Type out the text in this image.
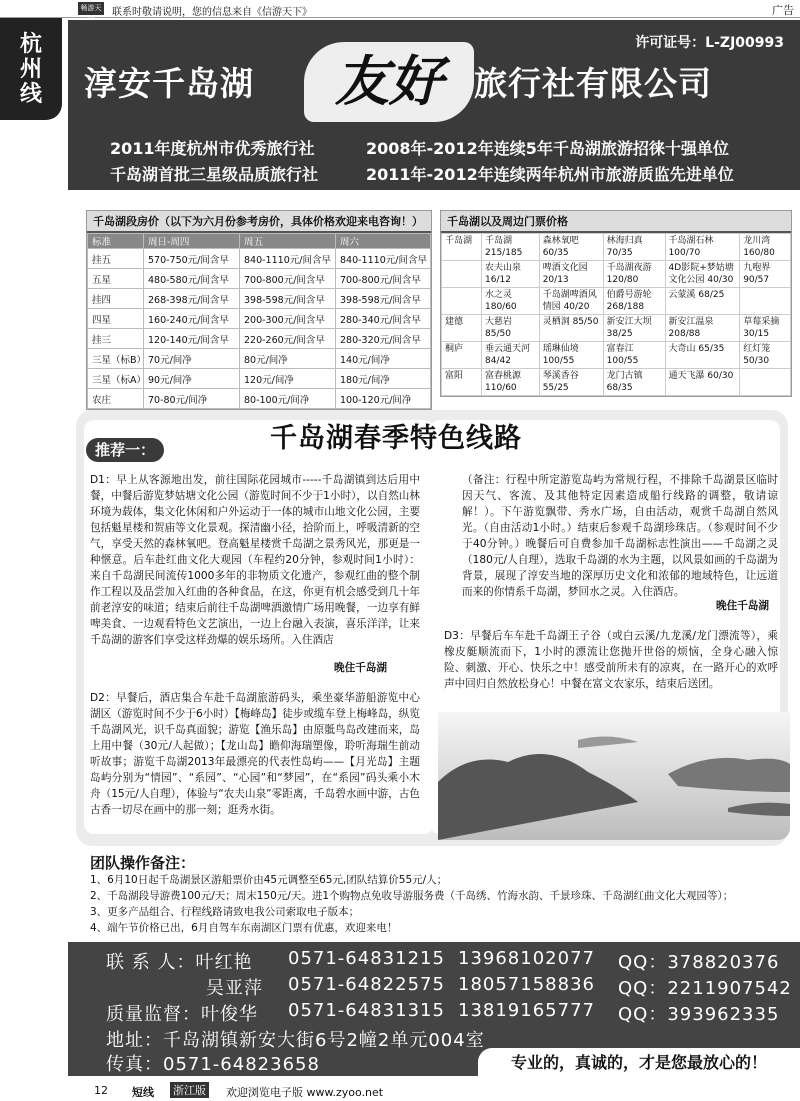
畅游天 联系时敬请说明，您的信息来自《信游天下》	广告
杭
州
线
许可证号：L-ZJ00993
淳安千岛湖	友好 旅行社有限公司
2011年度杭州市优秀旅行社	2008年-2012年连续5年千岛湖旅游招徕十强单位
千岛湖首批三星级品质旅行社	2011年-2012年连续两年杭州市旅游质监先进单位
千岛湖段房价（以下为六月份参考房价，具体价格欢迎来电咨询！）
标准	周日-周四	周五	周六
挂五	570-750元/间含早	840-1110元/间含早	840-1110元/间含早
五星	480-580元/间含早	700-800元/间含早	700-800元/间含早
挂四	268-398元/间含早	398-598元/间含早	398-598元/间含早
四星	160-240元/间含早	200-300元/间含早	280-340元/间含早
挂三	120-140元/间含早	220-260元/间含早	280-320元/间含早
三星（标B）	70元/间净	80元/间净	140元/间净
三星（标A）	90元/间净	120元/间净	180元/间净
农庄	70-80元/间净	80-100元/间净	100-120元/间净
千岛湖以及周边门票价格
千岛湖	千岛湖 215/185	森林氧吧 60/35	林海归真 70/35	千岛湖石林 100/70	龙川湾 160/80
	农夫山泉 16/12	啤酒文化园 20/13	千岛湖夜游 120/80	4D影院+梦姑塘文化公园 40/30	九咆界 90/57
	水之灵 180/60	千岛湖啤酒风情园 40/20	伯爵号游轮 268/188	云蒙溪 68/25	
建德	大慈岩 85/50	灵栖洞 85/50	新安江大坝 38/25	新安江温泉 208/88	草莓采摘 30/15
桐庐	垂云通天河 84/42	瑶琳仙境 100/55	富春江 100/55	大奇山 65/35	红灯笼 50/30
富阳	富春桃源 110/60	琴溪香谷 55/25	龙门古镇 68/35	通天飞瀑 60/30	
千岛湖春季特色线路
推荐一：
D1：早上从客源地出发，前往国际花园城市-----千岛湖镇到达后用中餐，中餐后游览梦姑塘文化公园（游览时间不少于1小时），以自然山林环境为载体，集文化休闲和户外运动于一体的城市山地文化公园，主要包括魁星楼和贺庙等文化景观。探清幽小径，拾阶而上，呼吸清新的空气，享受天然的森林氧吧。登高魁星楼赏千岛湖之景秀风光，那更是一种惬意。后车赴红曲文化大观园（车程约20分钟，参观时间1小时）：来自千岛湖民间流传1000多年的非物质文化遗产，参观红曲的整个制作工程以及品尝加入红曲的各种食品，在这，你更有机会感受到几十年前老淳安的味道；结束后前往千岛湖啤酒激情广场用晚餐，一边享有鲜啤美食、一边观看特色文艺演出，一边上台融入表演，喜乐洋洋，让来千岛湖的游客们享受这样劲爆的娱乐场所。入住酒店
晚住千岛湖
D2：早餐后，酒店集合车赴千岛湖旅游码头，乘坐豪华游船游览中心湖区（游览时间不少于6小时）【梅峰岛】徒步或缆车登上梅峰岛，纵览千岛湖风光，识千岛真面貌；游览【渔乐岛】由原骶鸟岛改建而来，岛上用中餐（30元/人起做）；【龙山岛】瞻仰海瑞塑像，聆听海瑞生前动听故事；游览千岛湖2013年最漂亮的代表性岛屿——【月光岛】主题岛屿分别为“情园”、“系园”、“心园”和“梦园”，在“系园”码头乘小木舟（15元/人自理），体验与“农夫山泉”零距离，千岛碧水画中游，古色古香一切尽在画中的那一刻；逛秀水街。
（备注：行程中所定游览岛屿为常规行程，不排除千岛湖景区临时因天气、客流、及其他特定因素造成船行线路的调整，敬请谅解！）。下午游览飘带、秀水广场，自由活动，观赏千岛湖自然风光。（自由活动1小时。）结束后参观千岛湖珍珠店。（参观时间不少于40分钟。）晚餐后可自费参加千岛湖标志性演出——千岛湖之灵（180元/人自理），选取千岛湖的水为主题，以风景如画的千岛湖为背景，展现了淳安当地的深厚历史文化和浓郁的地域特色，让远道而来的你情系千岛湖，梦回水之灵。入住酒店。
晚住千岛湖
D3：早餐后车车赴千岛湖王子谷（或白云溪/九龙溪/龙门漂流等），乘橡皮艇顺流而下，1小时的漂流让您抛开世俗的烦恼，全身心融入惊险、刺激、开心、快乐之中！感受前所未有的凉爽，在一路开心的欢呼声中回归自然放松身心！中餐在富文农家乐，结束后送团。
团队操作备注：
1、6月10日起千岛湖景区游船票价由45元调整至65元,团队结算价55元/人；
2、千岛湖段导游费100元/天；周末150元/天。进1个购物点免收导游服务费（千岛绣、竹海水韵、千景珍珠、千岛湖红曲文化大观园等）；
3、更多产品组合、行程线路请致电我公司索取电子版本；
4、端午节价格已出，6月自驾车东南湖区门票有优惠，欢迎来电！
联 系 人：叶红艳 0571-64831215 13968102077 QQ：378820376
吴亚萍 0571-64822575 18057158836 QQ：2211907542
质量监督：叶俊华 0571-64831315 13819165777 QQ：393962335
地址：千岛湖镇新安大街6号2幢2单元004室
传真：0571-64823658	专业的，真诚的，才是您最放心的！
12 短线 浙江版 欢迎浏览电子版 www.zyoo.net
